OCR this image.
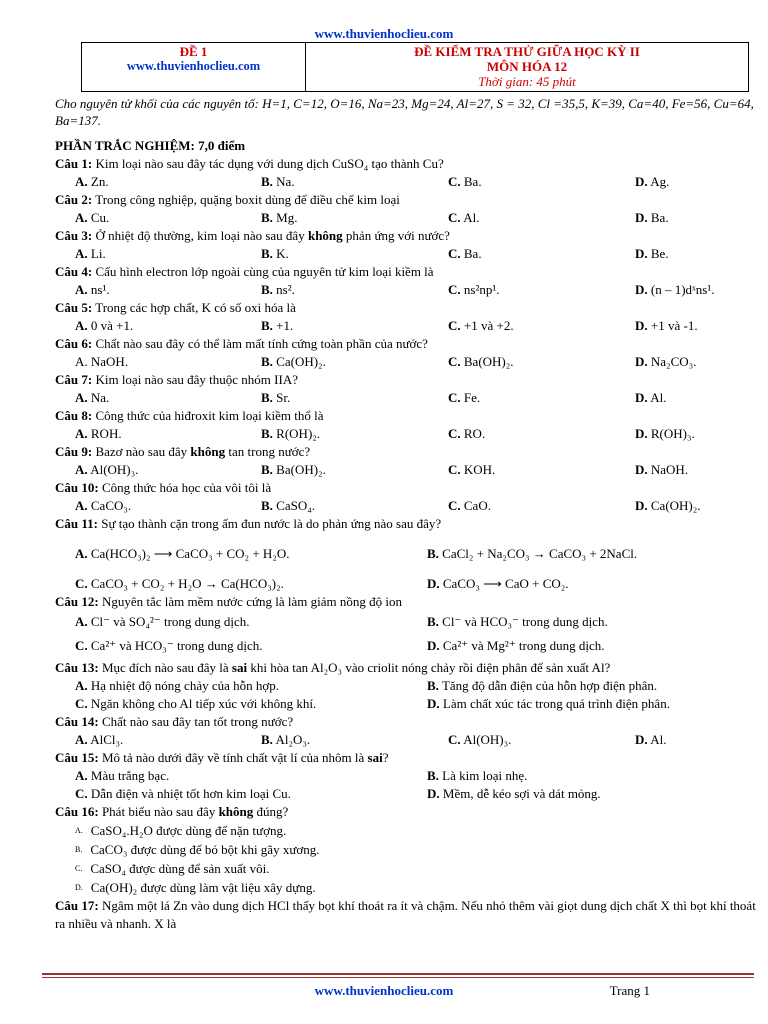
www.thuvienhoclieu.com
ĐỀ 1
www.thuvienhoclieu.com
ĐỀ KIỂM TRA THỬ GIỮA HỌC KỲ II
MÔN HÓA 12
Thời gian: 45 phút
Cho nguyên tử khối của các nguyên tố: H=1, C=12, O=16, Na=23, Mg=24, Al=27, S = 32, Cl =35,5, K=39, Ca=40, Fe=56, Cu=64, Ba=137.
PHẦN TRẮC NGHIỆM: 7,0 điểm
Câu 1: Kim loại nào sau đây tác dụng với dung dịch CuSO₄ tạo thành Cu?
A. Zn.	B. Na.	C. Ba.	D. Ag.
Câu 2: Trong công nghiệp, quặng boxit dùng để điều chế kim loại
A. Cu.	B. Mg.	C. Al.	D. Ba.
Câu 3: Ở nhiệt độ thường, kim loại nào sau đây không phản ứng với nước?
A. Li.	B. K.	C. Ba.	D. Be.
Câu 4: Cấu hình electron lớp ngoài cùng của nguyên tử kim loại kiềm là
A. ns¹.	B. ns².	C. ns²np¹.	D. (n – 1)dˣns¹.
Câu 5: Trong các hợp chất, K có số oxi hóa là
A. 0 và +1.	B. +1.	C. +1 và +2.	D. +1 và -1.
Câu 6: Chất nào sau đây có thể làm mất tính cứng toàn phần của nước?
A. NaOH.	B. Ca(OH)₂.	C. Ba(OH)₂.	D. Na₂CO₃.
Câu 7: Kim loại nào sau đây thuộc nhóm IIA?
A. Na.	B. Sr.	C. Fe.	D. Al.
Câu 8: Công thức của hiđroxit kim loại kiềm thổ là
A. ROH.	B. R(OH)₂.	C. RO.	D. R(OH)₃.
Câu 9: Bazơ nào sau đây không tan trong nước?
A. Al(OH)₃.	B. Ba(OH)₂.	C. KOH.	D. NaOH.
Câu 10: Công thức hóa học của vôi tôi là
A. CaCO₃.	B. CaSO₄.	C. CaO.	D. Ca(OH)₂.
Câu 11: Sự tạo thành cặn trong ấm đun nước là do phản ứng nào sau đây?
A. Ca(HCO₃)₂ ⟶ CaCO₃ + CO₂ + H₂O.	B. CaCl₂ + Na₂CO₃ → CaCO₃ + 2NaCl.
C. CaCO₃ + CO₂ + H₂O → Ca(HCO₃)₂.	D. CaCO₃ ⟶ CaO + CO₂.
Câu 12: Nguyên tắc làm mềm nước cứng là làm giảm nồng độ ion
A. Cl⁻ và SO₄²⁻ trong dung dịch.	B. Cl⁻ và HCO₃⁻ trong dung dịch.
C. Ca²⁺ và HCO₃⁻ trong dung dịch.	D. Ca²⁺ và Mg²⁺ trong dung dịch.
Câu 13: Mục đích nào sau đây là sai khi hòa tan Al₂O₃ vào criolit nóng chảy rồi điện phân để sản xuất Al?
A. Hạ nhiệt độ nóng chảy của hỗn hợp.	B. Tăng độ dẫn điện của hỗn hợp điện phân.
C. Ngăn không cho Al tiếp xúc với không khí.	D. Làm chất xúc tác trong quá trình điện phân.
Câu 14: Chất nào sau đây tan tốt trong nước?
A. AlCl₃.	B. Al₂O₃.	C. Al(OH)₃.	D. Al.
Câu 15: Mô tả nào dưới đây về tính chất vật lí của nhôm là sai?
A. Màu trắng bạc.	B. Là kim loại nhẹ.
C. Dẫn điện và nhiệt tốt hơn kim loại Cu.	D. Mềm, dễ kéo sợi và dát mỏng.
Câu 16: Phát biểu nào sau đây không đúng?
$^{A.}$ CaSO₄.H₂O được dùng để nặn tượng.
$^{B.}$ CaCO₃ được dùng để bó bột khi gãy xương.
$^{C.}$ CaSO₄ được dùng để sản xuất vôi.
$^{D.}$ Ca(OH)₂ được dùng làm vật liệu xây dựng.
Câu 17: Ngâm một lá Zn vào dung dịch HCl thấy bọt khí thoát ra ít và chậm. Nếu nhỏ thêm vài giọt dung dịch chất X thì bọt khí thoát ra nhiều và nhanh. X là
www.thuvienhoclieu.com	Trang 1
